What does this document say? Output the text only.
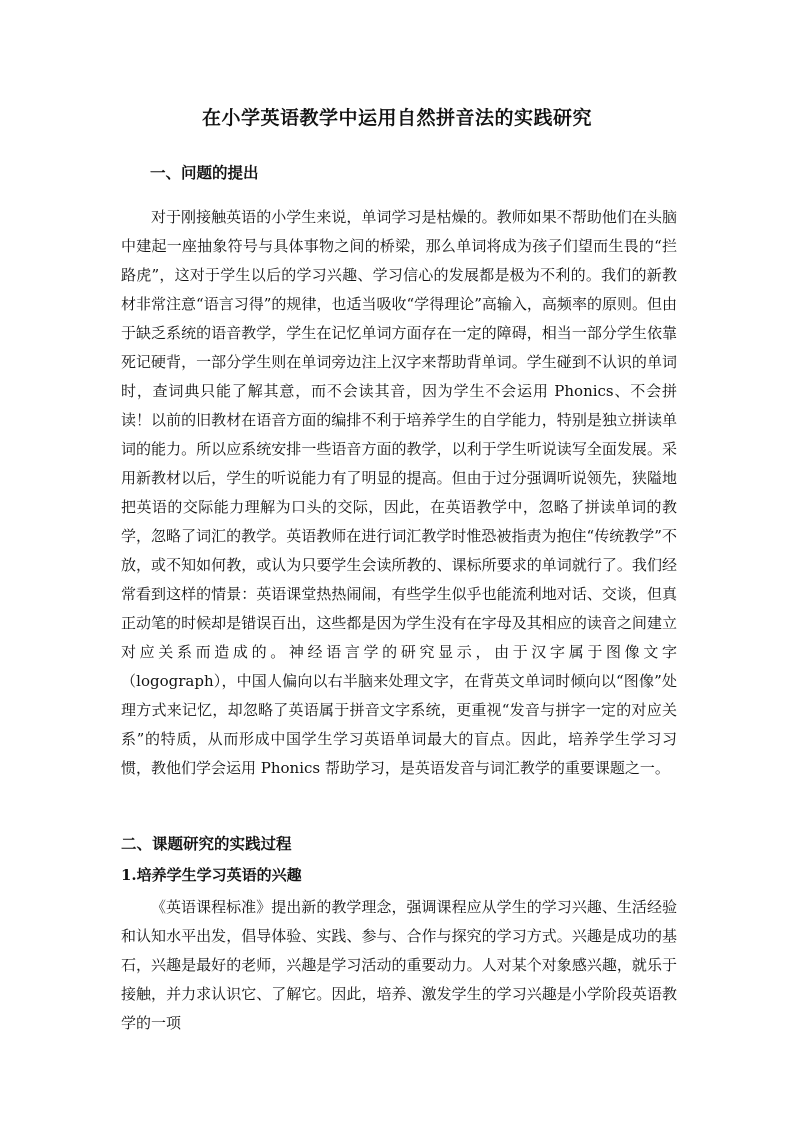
在小学英语教学中运用自然拼音法的实践研究
一、问题的提出

对于刚接触英语的小学生来说，单词学习是枯燥的。教师如果不帮助他们在头脑中建起一座抽象符号与具体事物之间的桥梁，那么单词将成为孩子们望而生畏的“拦路虎”，这对于学生以后的学习兴趣、学习信心的发展都是极为不利的。我们的新教材非常注意“语言习得”的规律，也适当吸收“学得理论”高输入，高频率的原则。但由于缺乏系统的语音教学，学生在记忆单词方面存在一定的障碍，相当一部分学生依靠死记硬背，一部分学生则在单词旁边注上汉字来帮助背单词。学生碰到不认识的单词时，查词典只能了解其意，而不会读其音，因为学生不会运用 Phonics、不会拼读！以前的旧教材在语音方面的编排不利于培养学生的自学能力，特别是独立拼读单词的能力。所以应系统安排一些语音方面的教学，以利于学生听说读写全面发展。采用新教材以后，学生的听说能力有了明显的提高。但由于过分强调听说领先，狭隘地把英语的交际能力理解为口头的交际，因此，在英语教学中，忽略了拼读单词的教学，忽略了词汇的教学。英语教师在进行词汇教学时惟恐被指责为抱住“传统教学”不放，或不知如何教，或认为只要学生会读所教的、课标所要求的单词就行了。我们经常看到这样的情景：英语课堂热热闹闹，有些学生似乎也能流利地对话、交谈，但真正动笔的时候却是错误百出，这些都是因为学生没有在字母及其相应的读音之间建立对应关系而造成的。神经语言学的研究显示，由于汉字属于图像文字（logograph），中国人偏向以右半脑来处理文字，在背英文单词时倾向以“图像”处理方式来记忆，却忽略了英语属于拼音文字系统，更重视“发音与拼字一定的对应关系”的特质，从而形成中国学生学习英语单词最大的盲点。因此，培养学生学习习惯，教他们学会运用 Phonics 帮助学习，是英语发音与词汇教学的重要课题之一。

二、课题研究的实践过程
1.培养学生学习英语的兴趣

《英语课程标准》提出新的教学理念，强调课程应从学生的学习兴趣、生活经验和认知水平出发，倡导体验、实践、参与、合作与探究的学习方式。兴趣是成功的基石，兴趣是最好的老师，兴趣是学习活动的重要动力。人对某个对象感兴趣，就乐于接触，并力求认识它、了解它。因此，培养、激发学生的学习兴趣是小学阶段英语教学的一项
